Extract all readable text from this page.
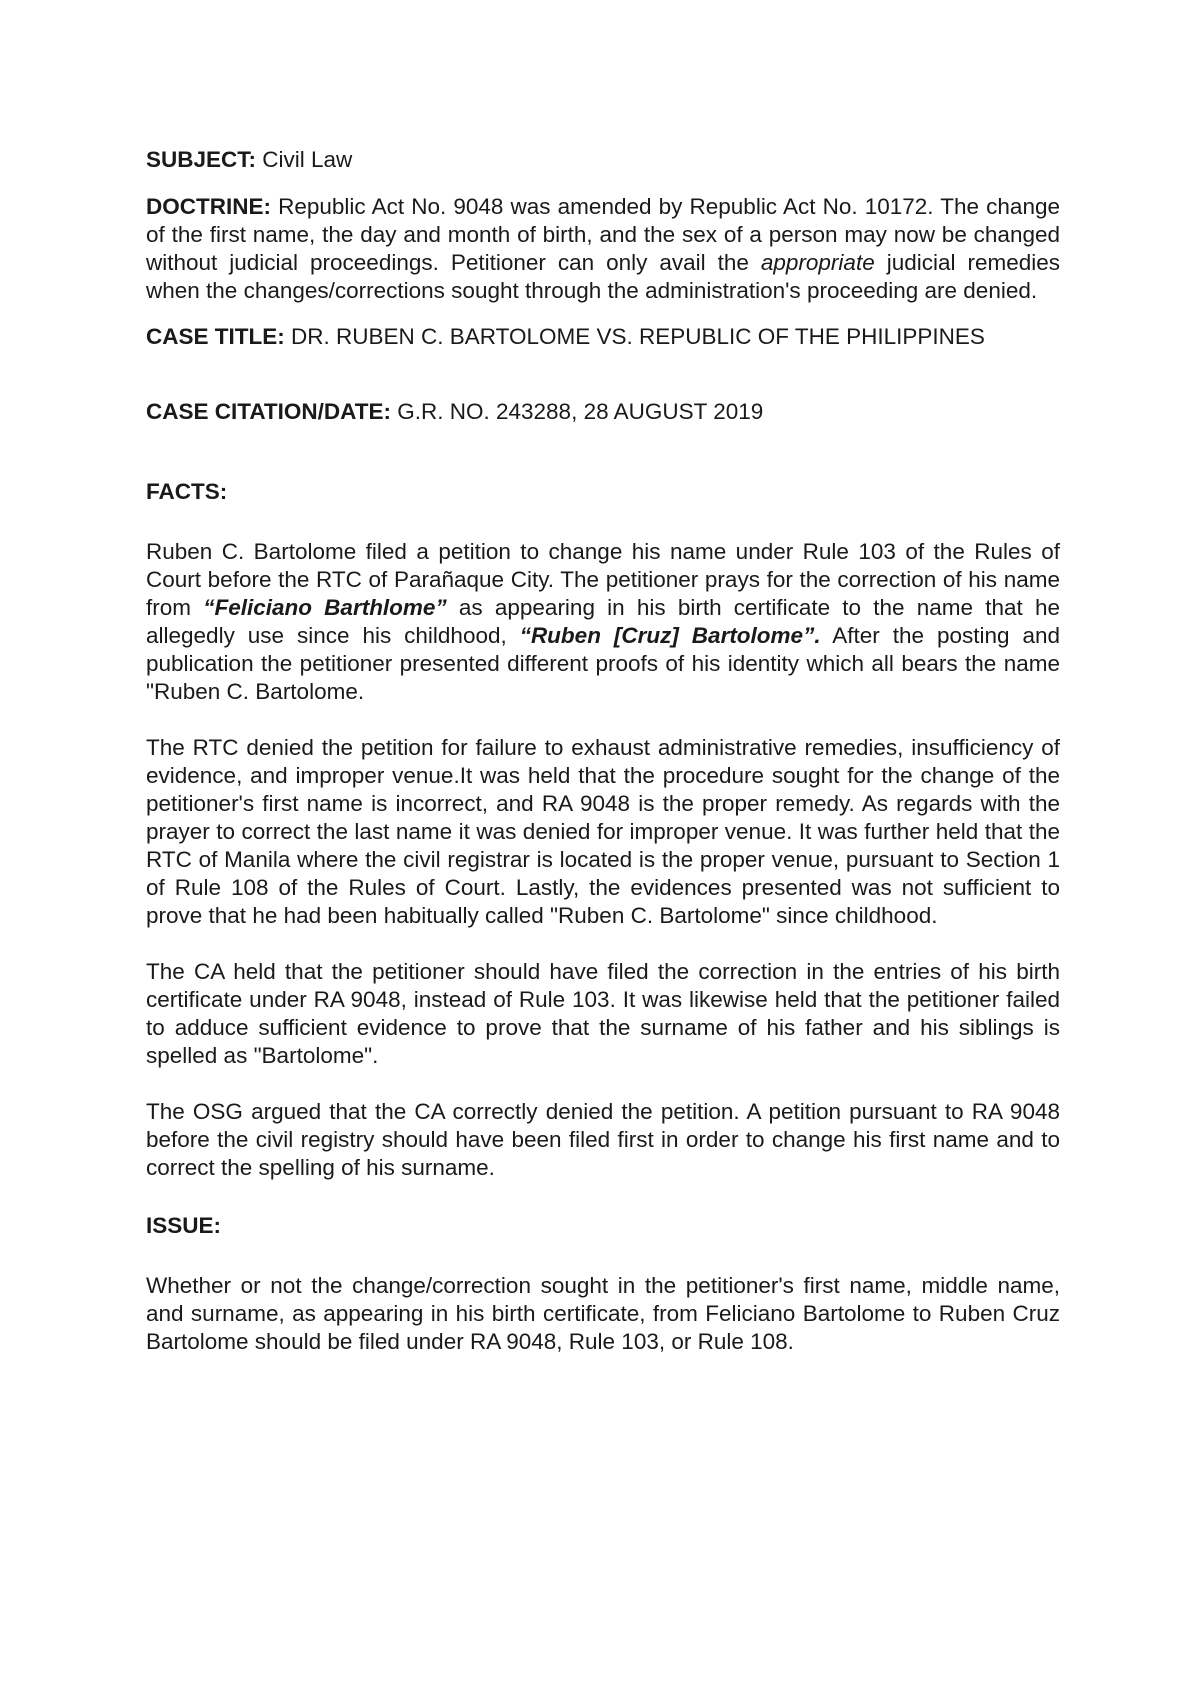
SUBJECT: Civil Law

DOCTRINE: Republic Act No. 9048 was amended by Republic Act No. 10172. The change of the first name, the day and month of birth, and the sex of a person may now be changed without judicial proceedings. Petitioner can only avail the appropriate judicial remedies when the changes/corrections sought through the administration's proceeding are denied.

CASE TITLE: DR. RUBEN C. BARTOLOME VS. REPUBLIC OF THE PHILIPPINES

CASE CITATION/DATE: G.R. NO. 243288, 28 AUGUST 2019

FACTS:

Ruben C. Bartolome filed a petition to change his name under Rule 103 of the Rules of Court before the RTC of Parañaque City. The petitioner prays for the correction of his name from “Feliciano Barthlome” as appearing in his birth certificate to the name that he allegedly use since his childhood, “Ruben [Cruz] Bartolome”. After the posting and publication the petitioner presented different proofs of his identity which all bears the name "Ruben C. Bartolome.

The RTC denied the petition for failure to exhaust administrative remedies, insufficiency of evidence, and improper venue.It was held that the procedure sought for the change of the petitioner's first name is incorrect, and RA 9048 is the proper remedy. As regards with the prayer to correct the last name it was denied for improper venue. It was further held that the RTC of Manila where the civil registrar is located is the proper venue, pursuant to Section 1 of Rule 108 of the Rules of Court. Lastly, the evidences presented was not sufficient to prove that he had been habitually called "Ruben C. Bartolome" since childhood.

The CA held that the petitioner should have filed the correction in the entries of his birth certificate under RA 9048, instead of Rule 103. It was likewise held that the petitioner failed to adduce sufficient evidence to prove that the surname of his father and his siblings is spelled as "Bartolome".

The OSG argued that the CA correctly denied the petition. A petition pursuant to RA 9048 before the civil registry should have been filed first in order to change his first name and to correct the spelling of his surname.

ISSUE:

Whether or not the change/correction sought in the petitioner's first name, middle name, and surname, as appearing in his birth certificate, from Feliciano Bartolome to Ruben Cruz Bartolome should be filed under RA 9048, Rule 103, or Rule 108.
